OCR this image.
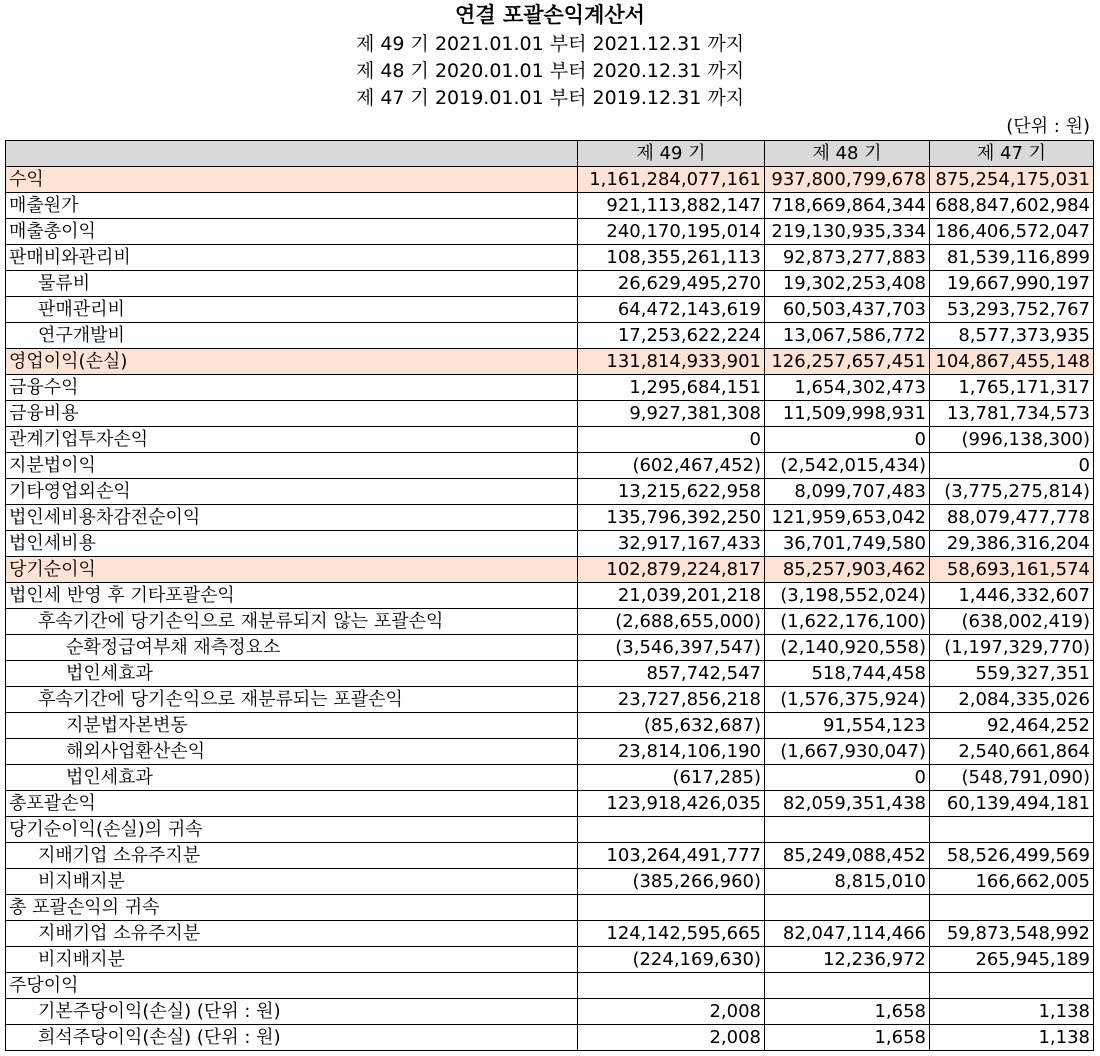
연결 포괄손익계산서
제 49 기 2021.01.01 부터 2021.12.31 까지
제 48 기 2020.01.01 부터 2020.12.31 까지
제 47 기 2019.01.01 부터 2019.12.31 까지
(단위 : 원)
	제 49 기	제 48 기	제 47 기
수익	1,161,284,077,161	937,800,799,678	875,254,175,031
매출원가	921,113,882,147	718,669,864,344	688,847,602,984
매출총이익	240,170,195,014	219,130,935,334	186,406,572,047
판매비와관리비	108,355,261,113	92,873,277,883	81,539,116,899
물류비	26,629,495,270	19,302,253,408	19,667,990,197
판매관리비	64,472,143,619	60,503,437,703	53,293,752,767
연구개발비	17,253,622,224	13,067,586,772	8,577,373,935
영업이익(손실)	131,814,933,901	126,257,657,451	104,867,455,148
금융수익	1,295,684,151	1,654,302,473	1,765,171,317
금융비용	9,927,381,308	11,509,998,931	13,781,734,573
관계기업투자손익	0	0	(996,138,300)
지분법이익	(602,467,452)	(2,542,015,434)	0
기타영업외손익	13,215,622,958	8,099,707,483	(3,775,275,814)
법인세비용차감전순이익	135,796,392,250	121,959,653,042	88,079,477,778
법인세비용	32,917,167,433	36,701,749,580	29,386,316,204
당기순이익	102,879,224,817	85,257,903,462	58,693,161,574
법인세 반영 후 기타포괄손익	21,039,201,218	(3,198,552,024)	1,446,332,607
후속기간에 당기손익으로 재분류되지 않는 포괄손익	(2,688,655,000)	(1,622,176,100)	(638,002,419)
순확정급여부채 재측정요소	(3,546,397,547)	(2,140,920,558)	(1,197,329,770)
법인세효과	857,742,547	518,744,458	559,327,351
후속기간에 당기손익으로 재분류되는 포괄손익	23,727,856,218	(1,576,375,924)	2,084,335,026
지분법자본변동	(85,632,687)	91,554,123	92,464,252
해외사업환산손익	23,814,106,190	(1,667,930,047)	2,540,661,864
법인세효과	(617,285)	0	(548,791,090)
총포괄손익	123,918,426,035	82,059,351,438	60,139,494,181
당기순이익(손실)의 귀속			
지배기업 소유주지분	103,264,491,777	85,249,088,452	58,526,499,569
비지배지분	(385,266,960)	8,815,010	166,662,005
총 포괄손익의 귀속			
지배기업 소유주지분	124,142,595,665	82,047,114,466	59,873,548,992
비지배지분	(224,169,630)	12,236,972	265,945,189
주당이익			
기본주당이익(손실) (단위 : 원)	2,008	1,658	1,138
희석주당이익(손실) (단위 : 원)	2,008	1,658	1,138
